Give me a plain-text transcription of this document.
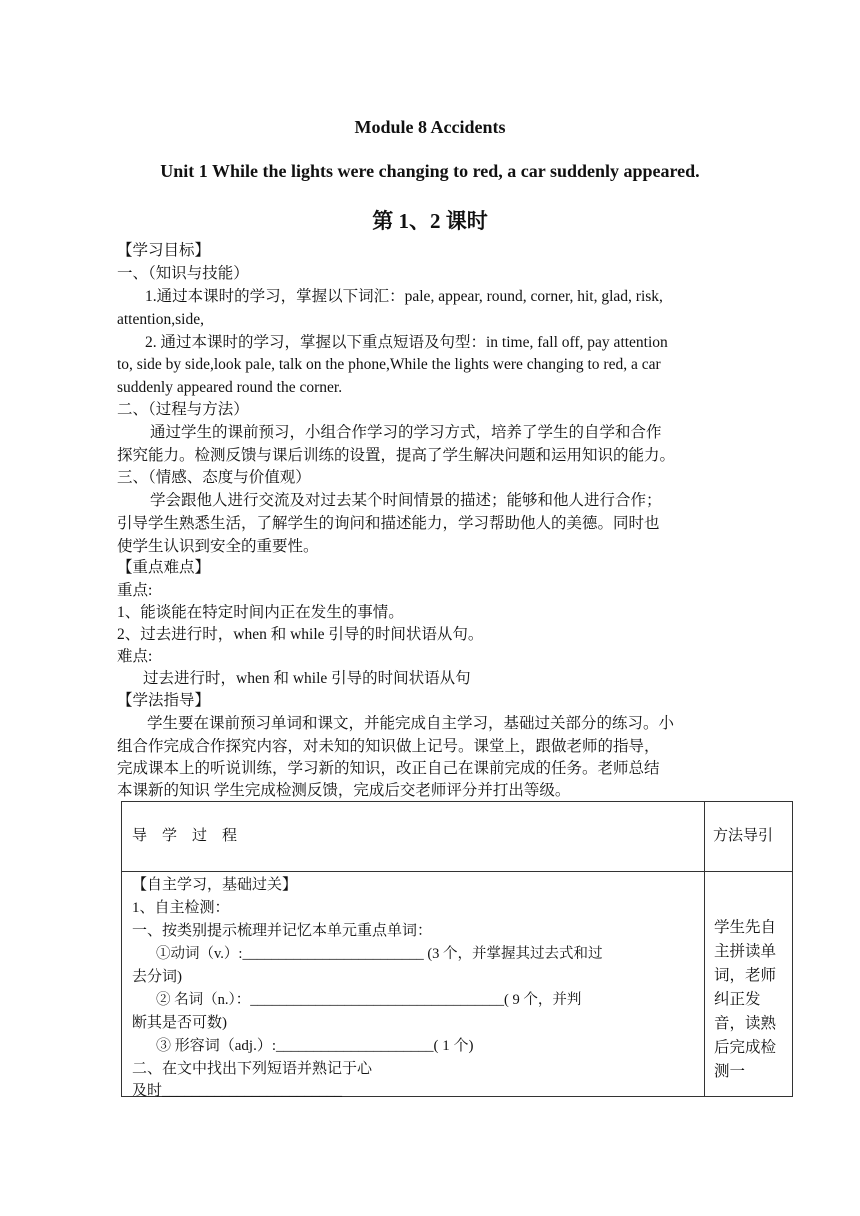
Module 8 Accidents
Unit 1 While the lights were changing to red, a car suddenly appeared.
第 1、2 课时
【学习目标】
一、（知识与技能）
1.通过本课时的学习，掌握以下词汇：pale, appear, round, corner, hit, glad, risk,
attention,side,
2. 通过本课时的学习，掌握以下重点短语及句型：in time, fall off, pay attention
to, side by side,look pale, talk on the phone,While the lights were changing to red, a car
suddenly appeared round the corner.
二、（过程与方法）
通过学生的课前预习，小组合作学习的学习方式，培养了学生的自学和合作
探究能力。检测反馈与课后训练的设置，提高了学生解决问题和运用知识的能力。
三、（情感、态度与价值观）
学会跟他人进行交流及对过去某个时间情景的描述；能够和他人进行合作；
引导学生熟悉生活，了解学生的询问和描述能力，学习帮助他人的美德。同时也
使学生认识到安全的重要性。
【重点难点】
重点:
1、能谈能在特定时间内正在发生的事情。
2、过去进行时，when 和 while 引导的时间状语从句。
难点:
过去进行时，when 和 while 引导的时间状语从句
【学法指导】
学生要在课前预习单词和课文，并能完成自主学习，基础过关部分的练习。小
组合作完成合作探究内容，对未知的知识做上记号。课堂上，跟做老师的指导，
完成课本上的听说训练，学习新的知识，改正自己在课前完成的任务。老师总结
本课新的知识 学生完成检测反馈，完成后交老师评分并打出等级。
导    学    过    程	方法导引
【自主学习，基础过关】
1、自主检测：
一、按类别提示梳理并记忆本单元重点单词：
①动词（v.）:_________________________ (3 个，并掌握其过去式和过
去分词)
② 名词（n.）：___________________________________( 9 个，并判
断其是否可数)
③ 形容词（adj.）:_____________________( 1 个)
二、在文中找出下列短语并熟记于心
及时________________________
学生先自主拼读单词，老师纠正发音，读熟后完成检测一
